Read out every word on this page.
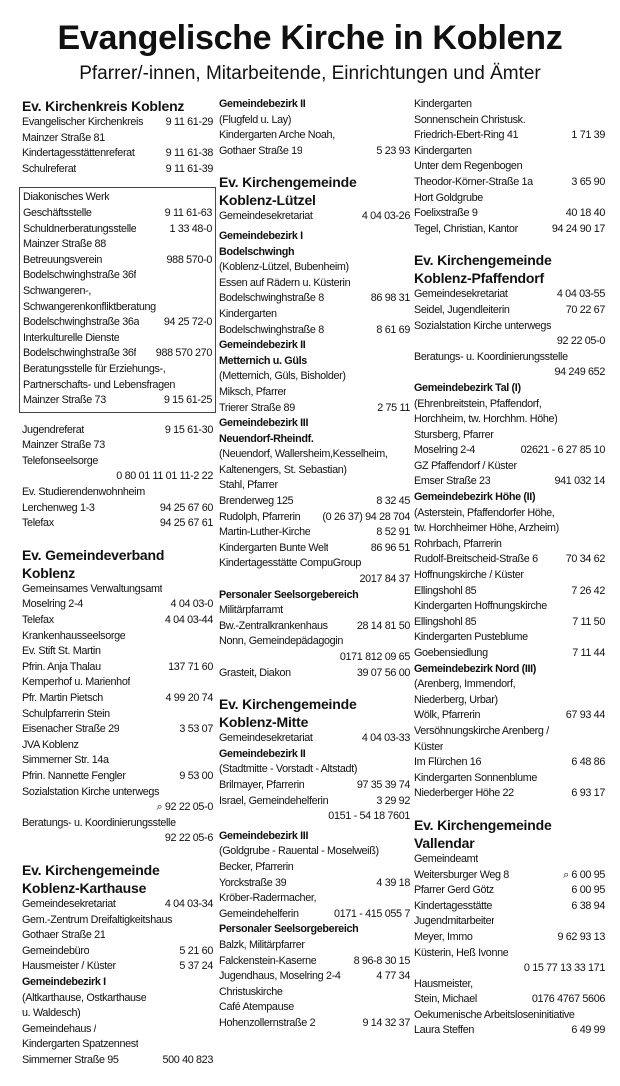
Evangelische Kirche in Koblenz
Pfarrer/-innen, Mitarbeitende, Einrichtungen und Ämter
Ev. Kirchenkreis Koblenz
Evangelischer Kirchenkreis	9 11 61-29
Mainzer Straße 81
Kindertagesstättenreferat	9 11 61-38
Schulreferat	9 11 61-39
Diakonisches Werk
Geschäftsstelle	9 11 61-63
Schuldnerberatungsstelle	1 33 48-0
Mainzer Straße 88
Betreuungsverein	988 570-0
Bodelschwinghstraße 36f
Schwangeren-,
Schwangerenkonfliktberatung
Bodelschwinghstraße 36a	94 25 72-0
Interkulturelle Dienste
Bodelschwinghstraße 36f	988 570 270
Beratungsstelle für Erziehungs-,
Partnerschafts- und Lebensfragen
Mainzer Straße 73	9 15 61-25
Jugendreferat	9 15 61-30
Mainzer Straße 73
Telefonseelsorge
0 80 01 11 01 11-2 22
Ev. Studierendenwohnheim
Lerchenweg 1-3	94 25 67 60
Telefax	94 25 67 61
Ev. Gemeindeverband
Koblenz
Gemeinsames Verwaltungsamt
Moselring 2-4	4 04 03-0
Telefax	4 04 03-44
Krankenhausseelsorge
Ev. Stift St. Martin
Pfrin. Anja Thalau	137 71 60
Kemperhof u. Marienhof
Pfr. Martin Pietsch	4 99 20 74
Schulpfarrerin Stein
Eisenacher Straße 29	3 53 07
JVA Koblenz
Simmerner Str. 14a
Pfrin. Nannette Fengler	9 53 00
Sozialstation Kirche unterwegs
⌕ 92 22 05-0
Beratungs- u. Koordinierungsstelle
92 22 05-6
Ev. Kirchengemeinde
Koblenz-Karthause
Gemeindesekretariat	4 04 03-34
Gem.-Zentrum Dreifaltigkeitshaus
Gothaer Straße 21
Gemeindebüro	5 21 60
Hausmeister / Küster	5 37 24
Gemeindebezirk I
(Altkarthause, Ostkarthause
u. Waldesch)
Gemeindehaus /
Kindergarten Spatzennest
Simmerner Straße 95	500 40 823
Gemeindebezirk II
(Flugfeld u. Lay)
Kindergarten Arche Noah,
Gothaer Straße 19	5 23 93
Ev. Kirchengemeinde
Koblenz-Lützel
Gemeindesekretariat	4 04 03-26
Gemeindebezirk I
Bodelschwingh
(Koblenz-Lützel, Bubenheim)
Essen auf Rädern u. Küsterin
Bodelschwinghstraße 8	86 98 31
Kindergarten
Bodelschwinghstraße 8	8 61 69
Gemeindebezirk II
Metternich u. Güls
(Metternich, Güls, Bisholder)
Miksch, Pfarrer
Trierer Straße 89	2 75 11
Gemeindebezirk III
Neuendorf-Rheindf.
(Neuendorf, Wallersheim,Kesselheim,
Kaltenengers, St. Sebastian)
Stahl, Pfarrer
Brenderweg 125	8 32 45
Rudolph, Pfarrerin	(0 26 37) 94 28 704
Martin-Luther-Kirche	8 52 91
Kindergarten Bunte Welt	86 96 51
Kindertagesstätte CompuGroup
2017 84 37
Personaler Seelsorgebereich
Militärpfarramt
Bw.-Zentralkrankenhaus	28 14 81 50
Nonn, Gemeindepädagogin
0171 812 09 65
Grasteit, Diakon	39 07 56 00
Ev. Kirchengemeinde
Koblenz-Mitte
Gemeindesekretariat	4 04 03-33
Gemeindebezirk II
(Stadtmitte - Vorstadt - Altstadt)
Brilmayer, Pfarrerin	97 35 39 74
Israel, Gemeindehelferin	3 29 92
0151 - 54 18 7601
Gemeindebezirk III
(Goldgrube - Rauental - Moselweiß)
Becker, Pfarrerin
Yorckstraße 39	4 39 18
Kröber-Radermacher,
Gemeindehelferin	0171 - 415 055 7
Personaler Seelsorgebereich
Balzk, Militärpfarrer
Falckenstein-Kaserne	8 96-8 30 15
Jugendhaus, Moselring 2-4	4 77 34
Christuskirche
Café Atempause
Hohenzollernstraße 2	9 14 32 37
Kindergarten
Sonnenschein Christusk.
Friedrich-Ebert-Ring 41	1 71 39
Kindergarten
Unter dem Regenbogen
Theodor-Körner-Straße 1a	3 65 90
Hort Goldgrube
Foelixstraße 9	40 18 40
Tegel, Christian, Kantor	94 24 90 17
Ev. Kirchengemeinde
Koblenz-Pfaffendorf
Gemeindesekretariat	4 04 03-55
Seidel, Jugendleiterin	70 22 67
Sozialstation Kirche unterwegs
92 22 05-0
Beratungs- u. Koordinierungsstelle
94 249 652
Gemeindebezirk Tal (I)
(Ehrenbreitstein, Pfaffendorf,
Horchheim, tw. Horchhm. Höhe)
Stursberg, Pfarrer
Moselring 2-4	02621 - 6 27 85 10
GZ Pfaffendorf / Küster
Emser Straße 23	941 032 14
Gemeindebezirk Höhe (II)
(Asterstein, Pfaffendorfer Höhe,
tw. Horchheimer Höhe, Arzheim)
Rohrbach, Pfarrerin
Rudolf-Breitscheid-Straße 6	70 34 62
Hoffnungskirche / Küster
Ellingshohl 85	7 26 42
Kindergarten Hoffnungskirche
Ellingshohl 85	7 11 50
Kindergarten Pusteblume
Goebensiedlung	7 11 44
Gemeindebezirk Nord (III)
(Arenberg, Immendorf,
Niederberg, Urbar)
Wölk, Pfarrerin	67 93 44
Versöhnungskirche Arenberg /
Küster
Im Flürchen 16	6 48 86
Kindergarten Sonnenblume
Niederberger Höhe 22	6 93 17
Ev. Kirchengemeinde
Vallendar
Gemeindeamt
Weitersburger Weg 8	⌕ 6 00 95
Pfarrer Gerd Götz	6 00 95
Kindertagesstätte	6 38 94
Jugendmitarbeiter
Meyer, Immo	9 62 93 13
Küsterin, Heß Ivonne
0 15 77 13 33 171
Hausmeister,
Stein, Michael	0176 4767 5606
Oekumenische Arbeitsloseninitiative
Laura Steffen	6 49 99
